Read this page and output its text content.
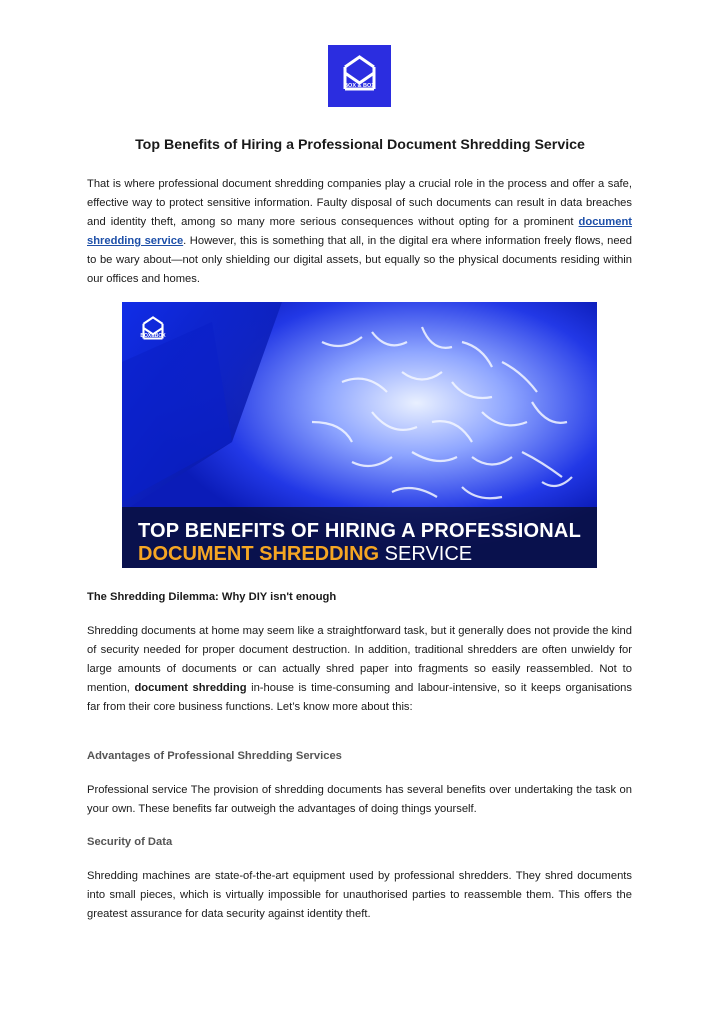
BOX & BOX
Top Benefits of Hiring a Professional Document Shredding Service

That is where professional document shredding companies play a crucial role in the process and offer a safe, effective way to protect sensitive information. Faulty disposal of such documents can result in data breaches and identity theft, among so many more serious consequences without opting for a prominent document shredding service. However, this is something that all, in the digital era where information freely flows, need to be wary about—not only shielding our digital assets, but equally so the physical documents residing within our offices and homes.

BOX&BOX
TOP BENEFITS OF HIRING A PROFESSIONAL
DOCUMENT SHREDDING SERVICE
The Shredding Dilemma: Why DIY isn't enough

Shredding documents at home may seem like a straightforward task, but it generally does not provide the kind of security needed for proper document destruction. In addition, traditional shredders are often unwieldy for large amounts of documents or can actually shred paper into fragments so easily reassembled. Not to mention, document shredding in-house is time-consuming and labour-intensive, so it keeps organisations far from their core business functions. Let’s know more about this:

Advantages of Professional Shredding Services

Professional service The provision of shredding documents has several benefits over undertaking the task on your own. These benefits far outweigh the advantages of doing things yourself.

Security of Data

Shredding machines are state-of-the-art equipment used by professional shredders. They shred documents into small pieces, which is virtually impossible for unauthorised parties to reassemble them. This offers the greatest assurance for data security against identity theft.
